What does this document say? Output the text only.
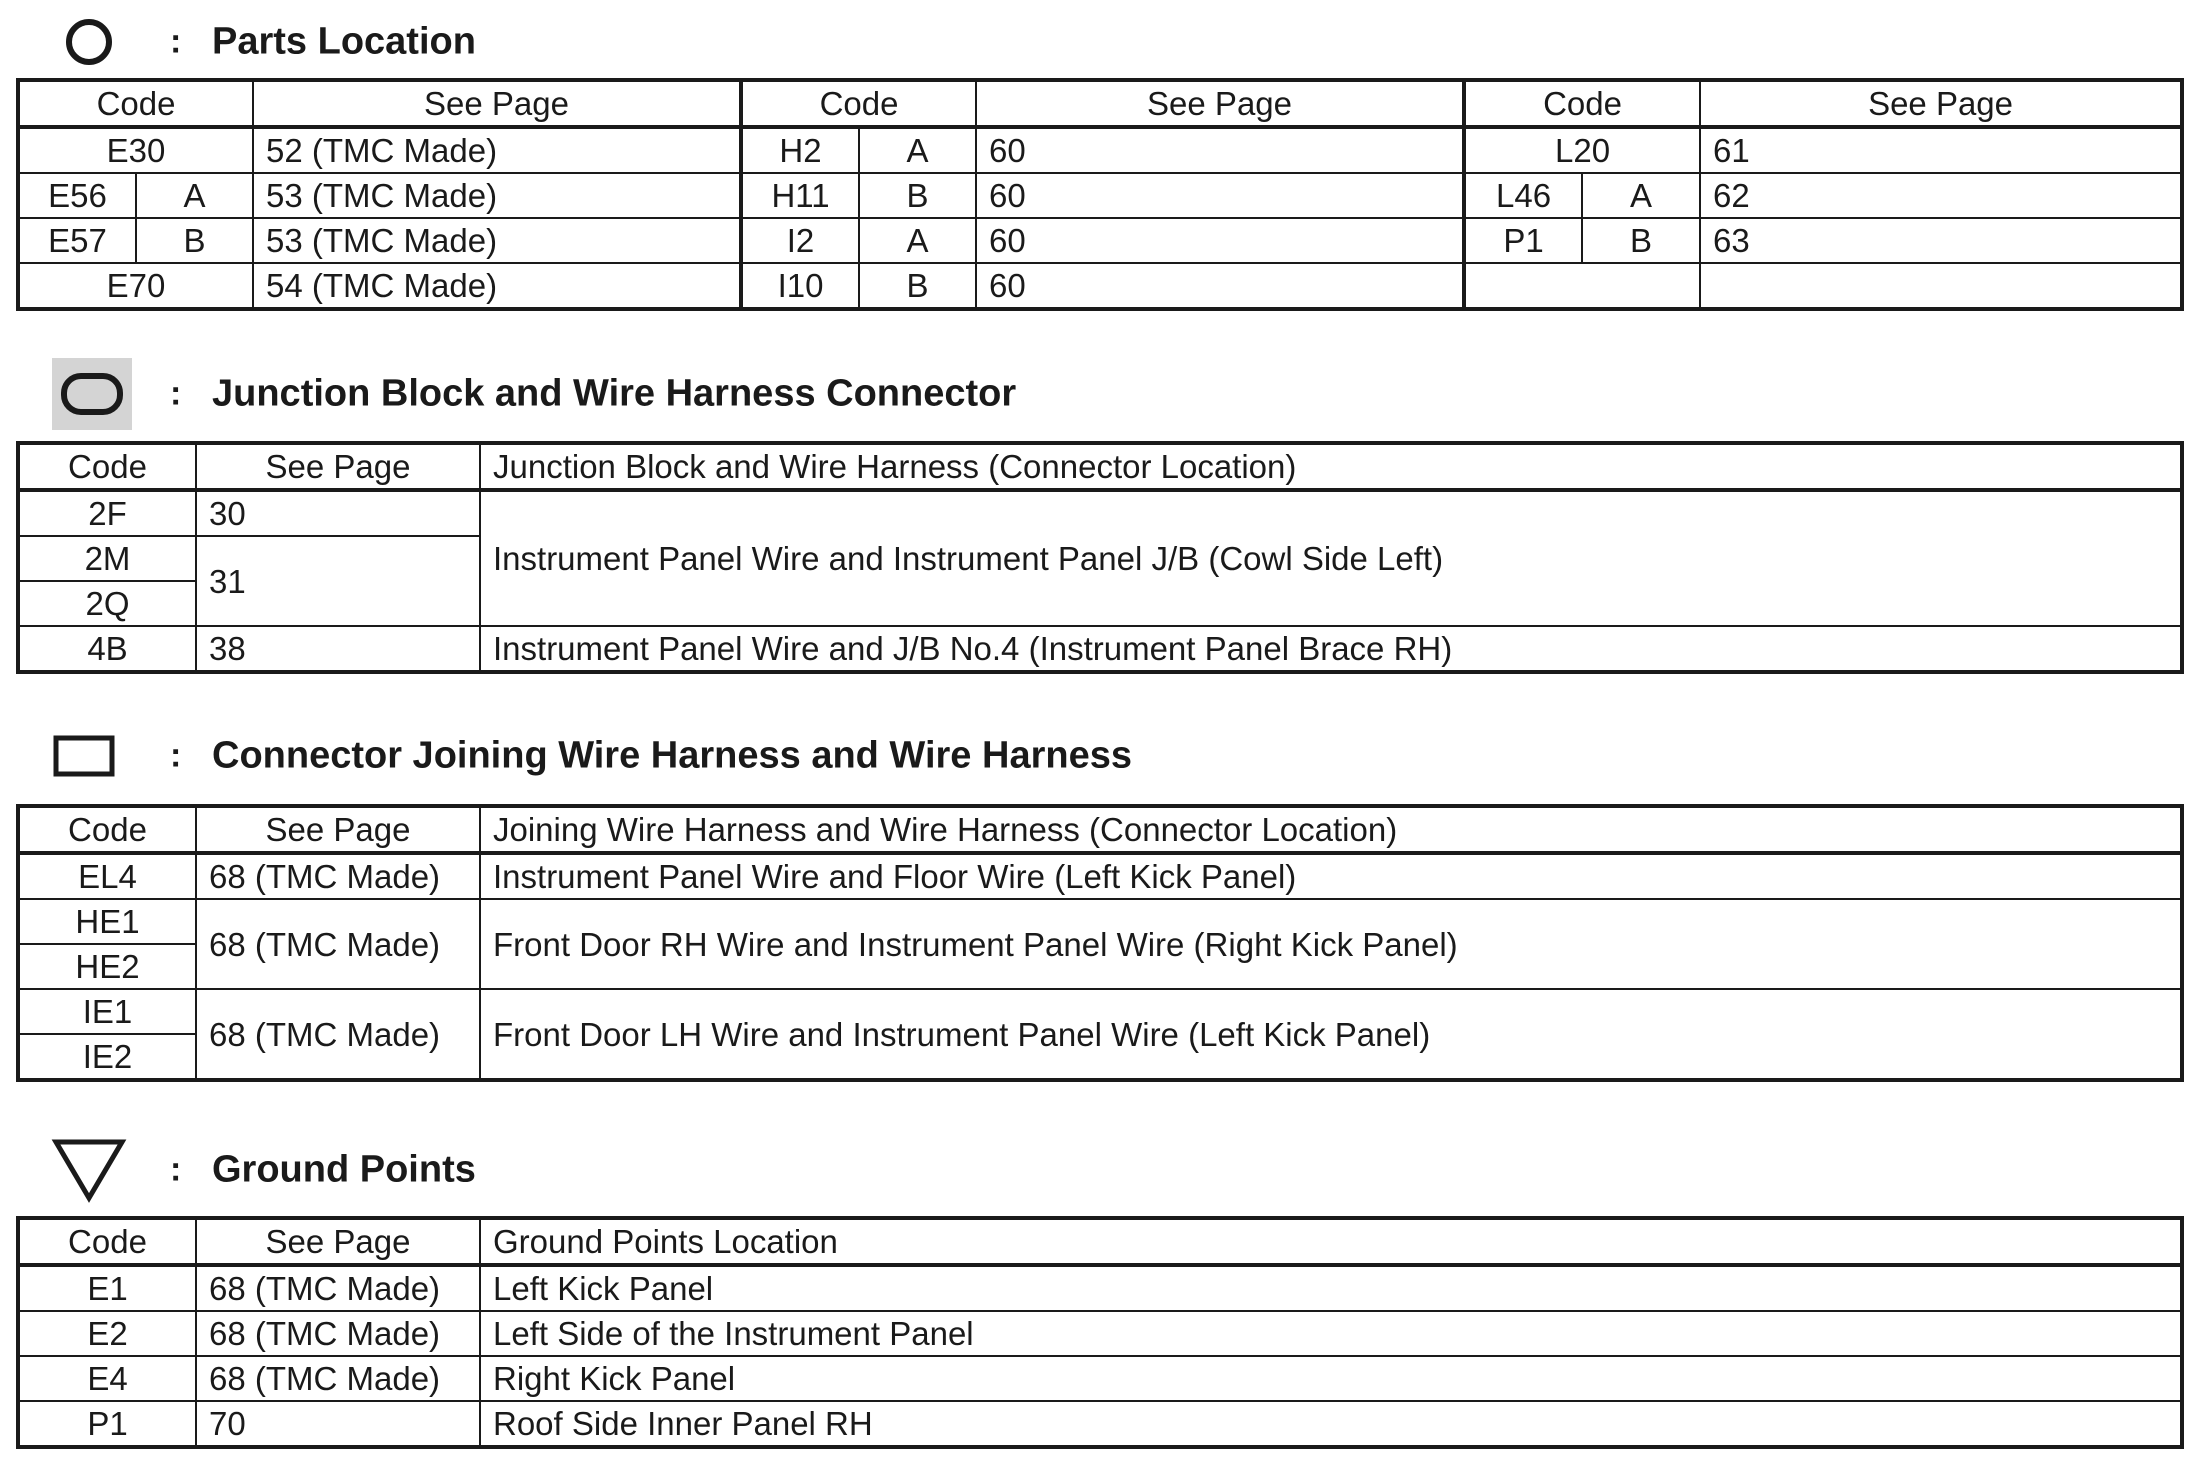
: Parts Location
Code		See Page	Code		See Page	Code		See Page
E30		52 (TMC Made)	H2	A	60	L20		61
E56	A	53 (TMC Made)	H11	B	60	L46	A	62
E57	B	53 (TMC Made)	I2	A	60	P1	B	63
E70		54 (TMC Made)	I10	B	60			
: Junction Block and Wire Harness Connector
Code	See Page	Junction Block and Wire Harness (Connector Location)
2F	30	Instrument Panel Wire and Instrument Panel J/B (Cowl Side Left)
2M	31	
2Q		
4B	38	Instrument Panel Wire and J/B No.4 (Instrument Panel Brace RH)
: Connector Joining Wire Harness and Wire Harness
Code	See Page	Joining Wire Harness and Wire Harness (Connector Location)
EL4	68 (TMC Made)	Instrument Panel Wire and Floor Wire (Left Kick Panel)
HE1	68 (TMC Made)	Front Door RH Wire and Instrument Panel Wire (Right Kick Panel)
HE2		
IE1	68 (TMC Made)	Front Door LH Wire and Instrument Panel Wire (Left Kick Panel)
IE2		
: Ground Points
Code	See Page	Ground Points Location
E1	68 (TMC Made)	Left Kick Panel
E2	68 (TMC Made)	Left Side of the Instrument Panel
E4	68 (TMC Made)	Right Kick Panel
P1	70	Roof Side Inner Panel RH
